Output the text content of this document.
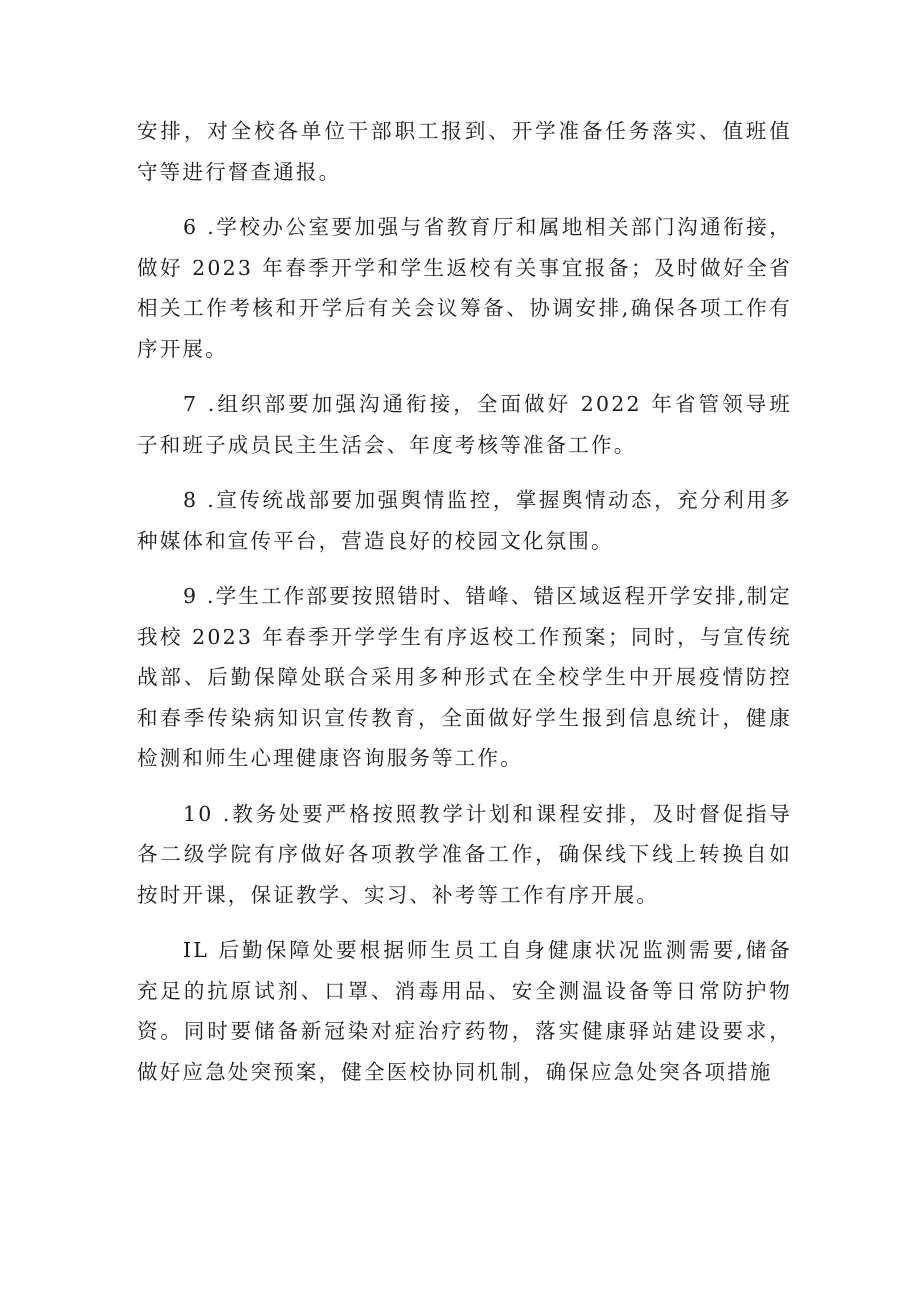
安排，对全校各单位干部职工报到、开学准备任务落实、值班值守等进行督查通报。

6 .学校办公室要加强与省教育厅和属地相关部门沟通衔接，做好 2023 年春季开学和学生返校有关事宜报备；及时做好全省相关工作考核和开学后有关会议筹备、协调安排,确保各项工作有序开展。

7 .组织部要加强沟通衔接，全面做好 2022 年省管领导班子和班子成员民主生活会、年度考核等准备工作。

8 .宣传统战部要加强舆情监控，掌握舆情动态，充分利用多种媒体和宣传平台，营造良好的校园文化氛围。

9 .学生工作部要按照错时、错峰、错区域返程开学安排,制定我校 2023 年春季开学学生有序返校工作预案；同时，与宣传统战部、后勤保障处联合采用多种形式在全校学生中开展疫情防控和春季传染病知识宣传教育，全面做好学生报到信息统计，健康检测和师生心理健康咨询服务等工作。

10 .教务处要严格按照教学计划和课程安排，及时督促指导各二级学院有序做好各项教学准备工作，确保线下线上转换自如按时开课，保证教学、实习、补考等工作有序开展。

IL 后勤保障处要根据师生员工自身健康状况监测需要,储备充足的抗原试剂、口罩、消毒用品、安全测温设备等日常防护物资。同时要储备新冠染对症治疗药物，落实健康驿站建设要求，做好应急处突预案，健全医校协同机制，确保应急处突各项措施
